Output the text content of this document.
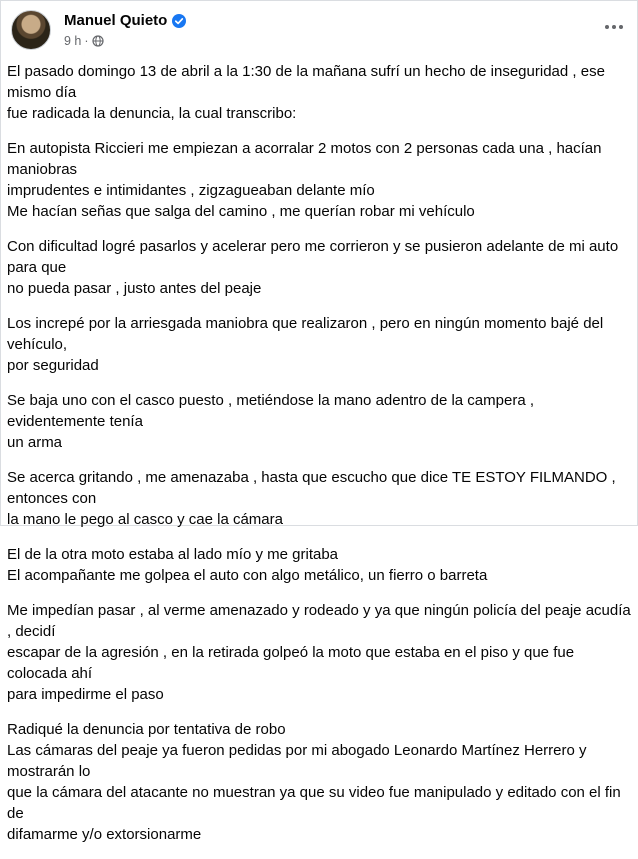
Manuel Quieto
9 h ·

El pasado domingo 13 de abril a la 1:30 de la mañana sufrí un hecho de inseguridad , ese mismo día
fue radicada la denuncia, la cual transcribo:

En autopista Riccieri me empiezan a acorralar 2 motos con 2 personas cada una , hacían maniobras
imprudentes e intimidantes , zigzagueaban delante mío
Me hacían señas que salga del camino , me querían robar mi vehículo

Con dificultad logré pasarlos y acelerar pero me corrieron y se pusieron adelante de mi auto para que
no pueda pasar , justo antes del peaje

Los increpé por la arriesgada maniobra que realizaron , pero en ningún momento bajé del vehículo,
por seguridad

Se baja uno con el casco puesto , metiéndose la mano adentro de la campera , evidentemente tenía
un arma

Se acerca gritando , me amenazaba , hasta que escucho que dice TE ESTOY FILMANDO , entonces con
la mano le pego al casco y cae la cámara

El de la otra moto estaba al lado mío y me gritaba
El acompañante me golpea el auto con algo metálico, un fierro o barreta

Me impedían pasar , al verme amenazado y rodeado y ya que ningún policía del peaje acudía , decidí
escapar de la agresión , en la retirada golpeó la moto que estaba en el piso y que fue colocada ahí
para impedirme el paso

Radiqué la denuncia por tentativa de robo
Las cámaras del peaje ya fueron pedidas por mi abogado Leonardo Martínez Herrero y mostrarán lo
que la cámara del atacante no muestran ya que su video fue manipulado y editado con el fin de
difamarme y/o extorsionarme
